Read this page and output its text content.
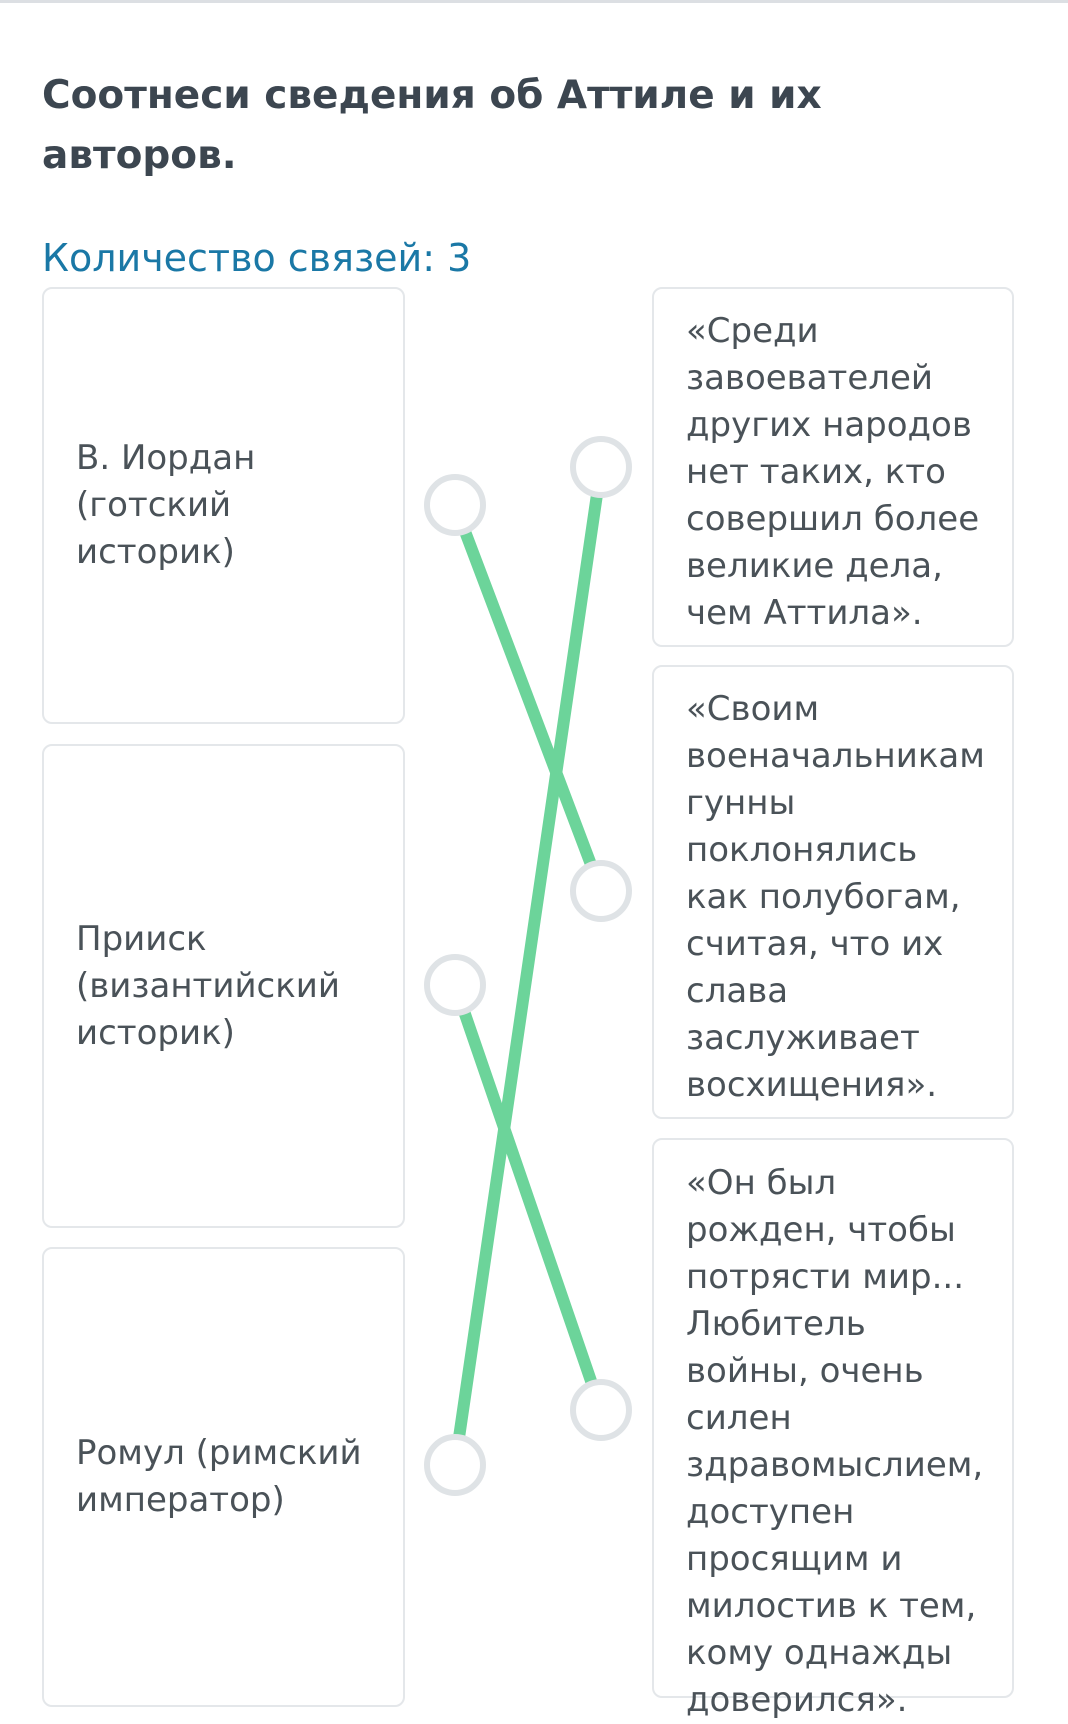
Соотнеси сведения об Аттиле и их авторов.
Количество связей: 3
В. Иордан (готский историк)
Прииск (византийский историк)
Ромул (римский император)
«Среди завоевателей других народов нет таких, кто совершил более великие дела, чем Аттила».
«Своим военачальникам гунны поклонялись как полубогам, считая, что их слава заслуживает восхищения».
«Он был рожден, чтобы потрясти мир... Любитель войны, очень силен здравомыслием, доступен просящим и милостив к тем, кому однажды доверился».
